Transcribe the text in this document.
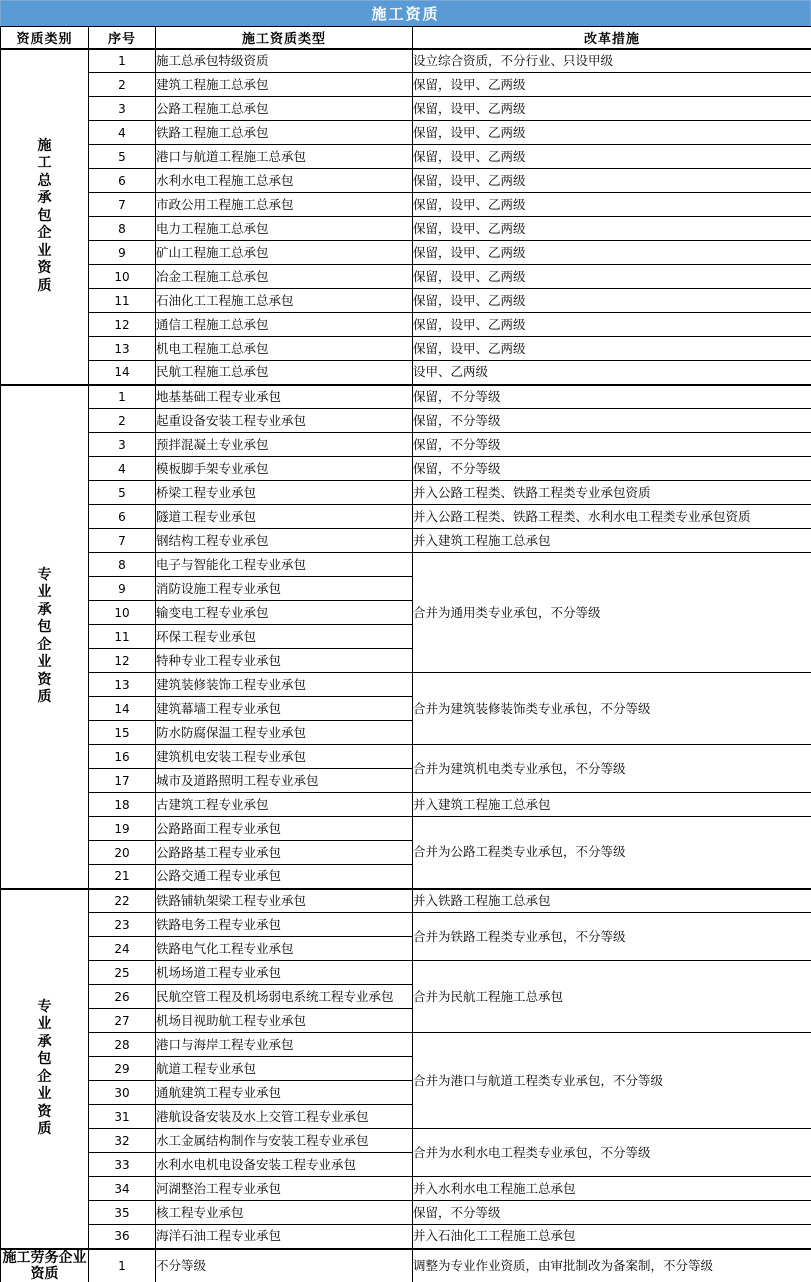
施工资质
资质类别	序号	施工资质类型	改革措施
施工总承包企业资质	1	施工总承包特级资质	设立综合资质，不分行业、只设甲级
	2	建筑工程施工总承包	保留，设甲、乙两级
	3	公路工程施工总承包	保留，设甲、乙两级
	4	铁路工程施工总承包	保留，设甲、乙两级
	5	港口与航道工程施工总承包	保留，设甲、乙两级
	6	水利水电工程施工总承包	保留，设甲、乙两级
	7	市政公用工程施工总承包	保留，设甲、乙两级
	8	电力工程施工总承包	保留，设甲、乙两级
	9	矿山工程施工总承包	保留，设甲、乙两级
	10	冶金工程施工总承包	保留，设甲、乙两级
	11	石油化工工程施工总承包	保留，设甲、乙两级
	12	通信工程施工总承包	保留，设甲、乙两级
	13	机电工程施工总承包	保留，设甲、乙两级
	14	民航工程施工总承包	设甲、乙两级
专业承包企业资质	1	地基基础工程专业承包	保留，不分等级
	2	起重设备安装工程专业承包	保留，不分等级
	3	预拌混凝土专业承包	保留，不分等级
	4	模板脚手架专业承包	保留，不分等级
	5	桥梁工程专业承包	并入公路工程类、铁路工程类专业承包资质
	6	隧道工程专业承包	并入公路工程类、铁路工程类、水利水电工程类专业承包资质
	7	钢结构工程专业承包	并入建筑工程施工总承包
	8	电子与智能化工程专业承包	合并为通用类专业承包，不分等级
	9	消防设施工程专业承包	

	10	输变电工程专业承包	

	11	环保工程专业承包	

	12	特种专业工程专业承包	

	13	建筑装修装饰工程专业承包	合并为建筑装修装饰类专业承包，不分等级
	14	建筑幕墙工程专业承包	

	15	防水防腐保温工程专业承包	

	16	建筑机电安装工程专业承包	合并为建筑机电类专业承包，不分等级
	17	城市及道路照明工程专业承包	

	18	古建筑工程专业承包	并入建筑工程施工总承包
	19	公路路面工程专业承包	合并为公路工程类专业承包，不分等级
	20	公路路基工程专业承包	

	21	公路交通工程专业承包	

专业承包企业资质	22	铁路铺轨架梁工程专业承包	并入铁路工程施工总承包
	23	铁路电务工程专业承包	合并为铁路工程类专业承包，不分等级
	24	铁路电气化工程专业承包	

	25	机场场道工程专业承包	合并为民航工程施工总承包
	26	民航空管工程及机场弱电系统工程专业承包	

	27	机场目视助航工程专业承包	

	28	港口与海岸工程专业承包	合并为港口与航道工程类专业承包，不分等级
	29	航道工程专业承包	

	30	通航建筑工程专业承包	

	31	港航设备安装及水上交管工程专业承包	

	32	水工金属结构制作与安装工程专业承包	合并为水利水电工程类专业承包，不分等级
	33	水利水电机电设备安装工程专业承包	

	34	河湖整治工程专业承包	并入水利水电工程施工总承包
	35	核工程专业承包	保留，不分等级
	36	海洋石油工程专业承包	并入石油化工工程施工总承包

施工劳务企业资质	1	不分等级	调整为专业作业资质，由审批制改为备案制，不分等级
